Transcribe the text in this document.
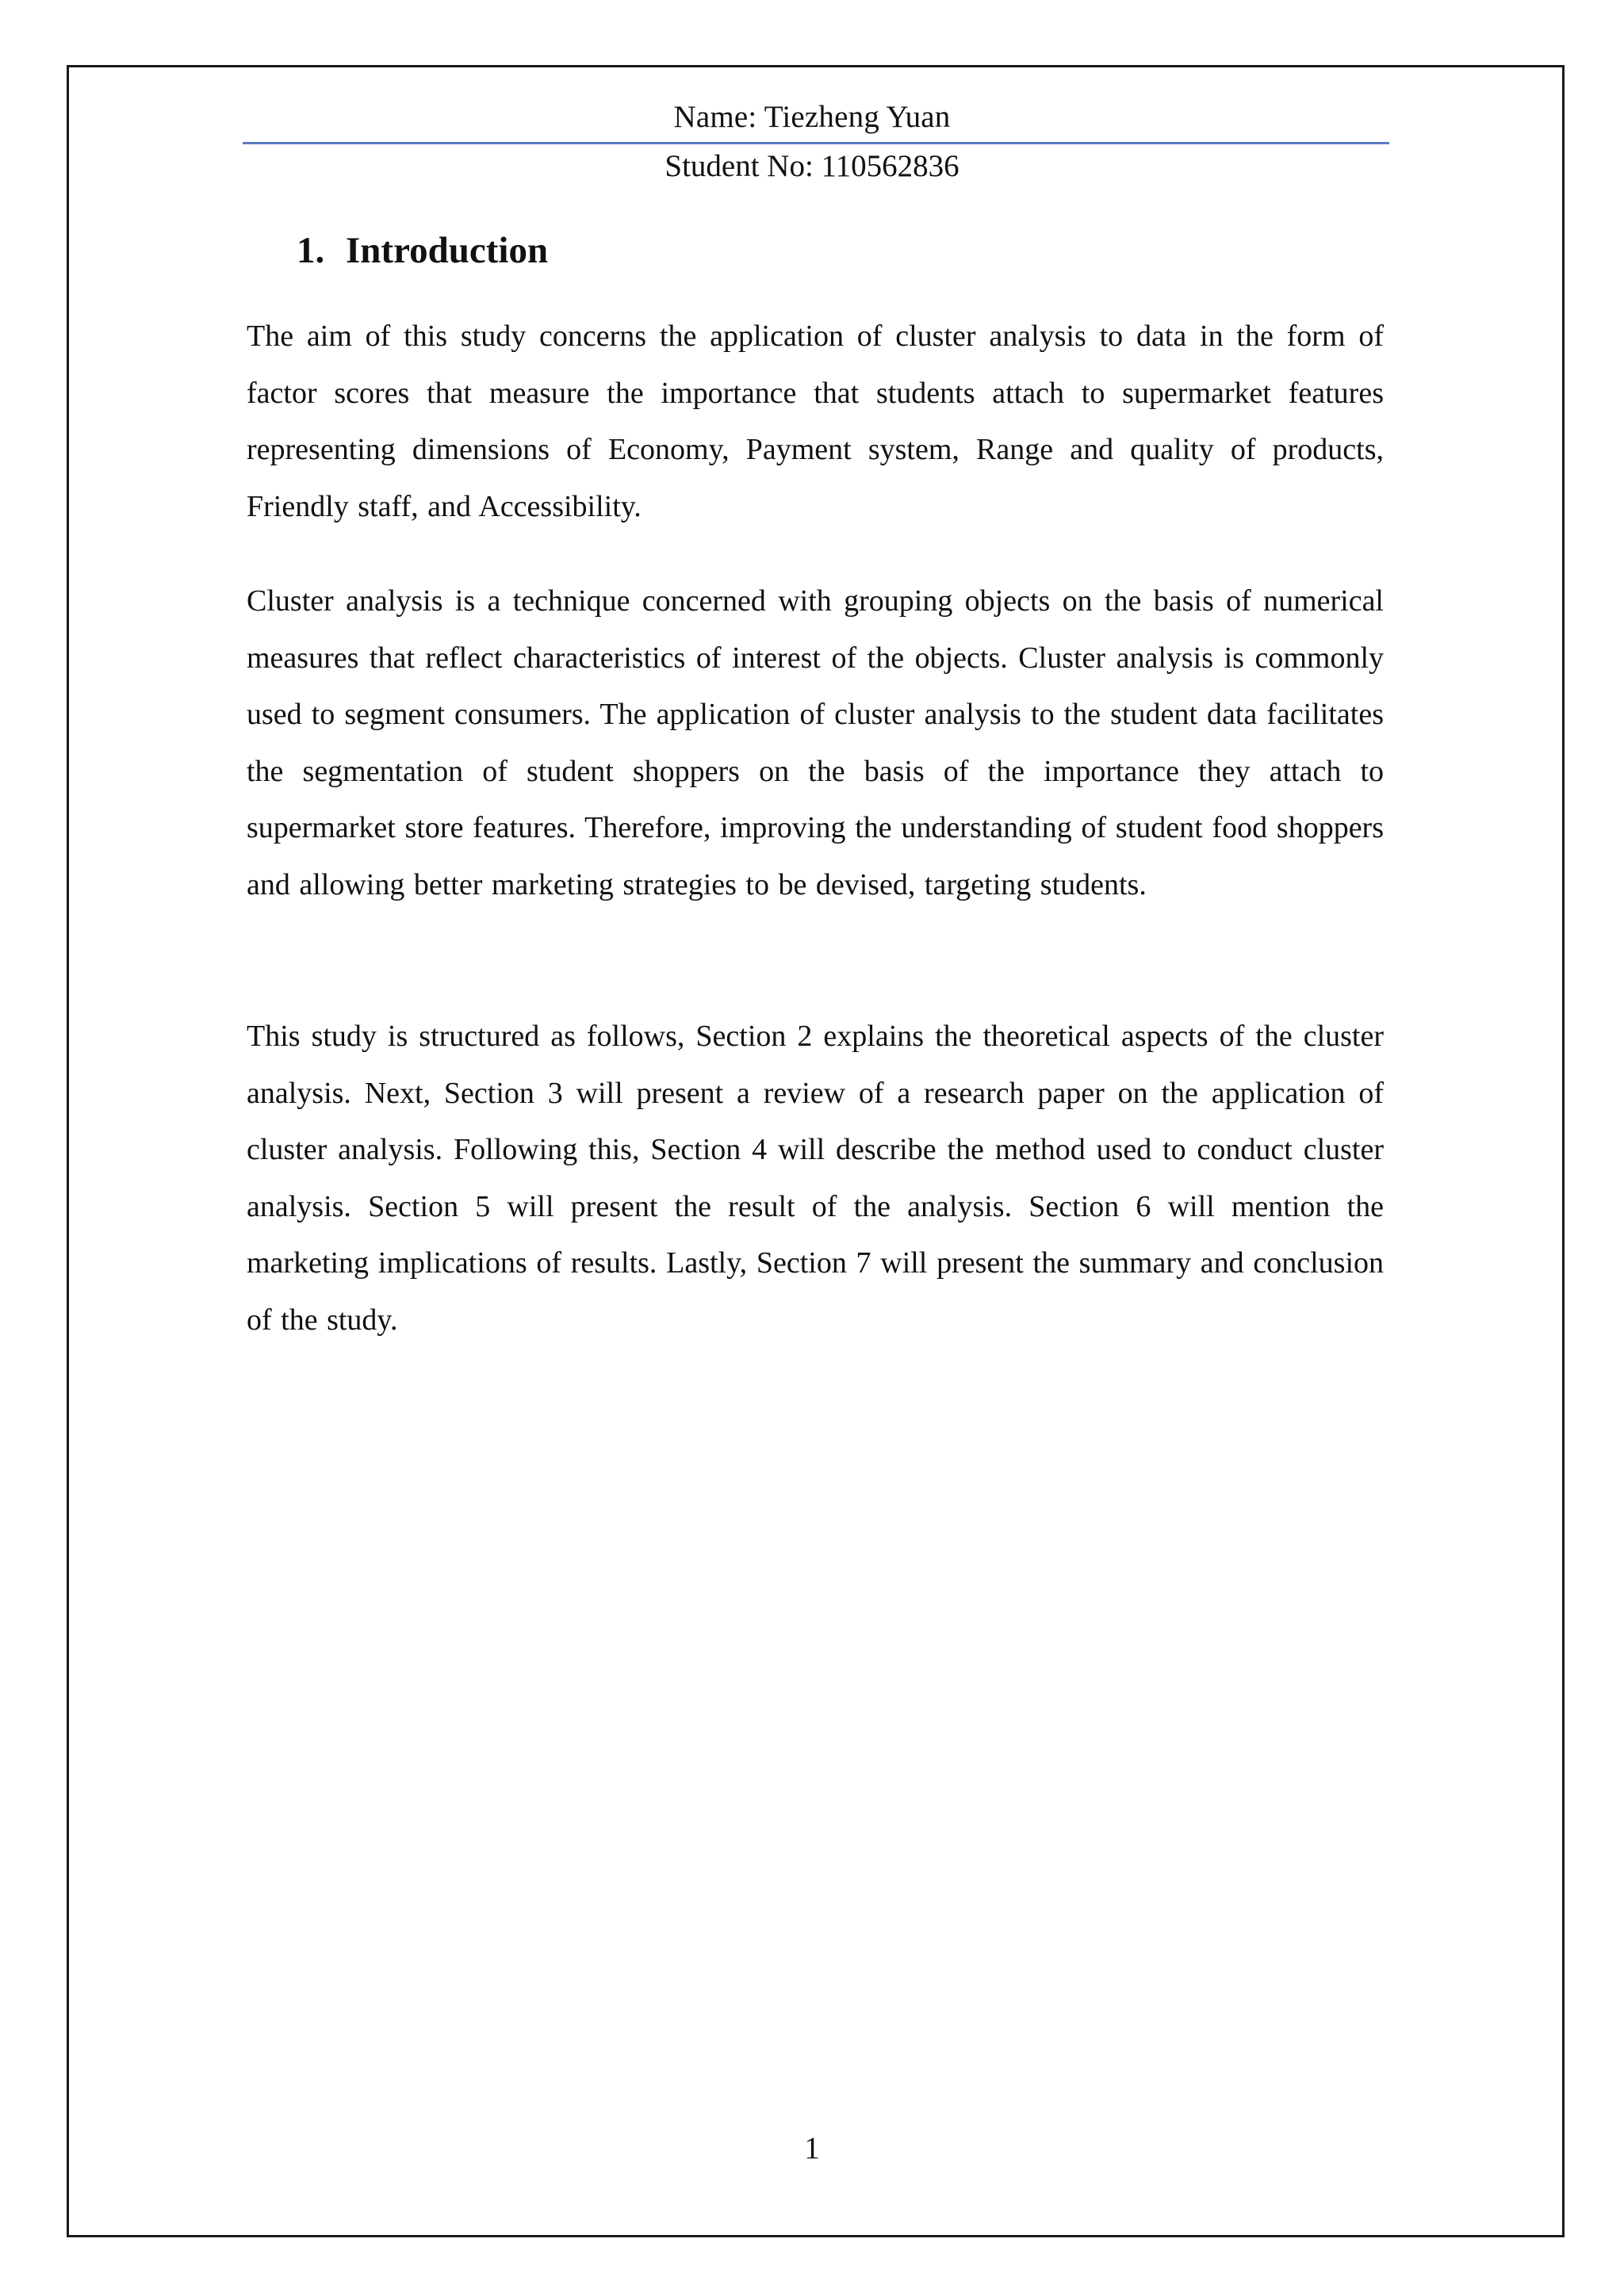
Name: Tiezheng Yuan
Student No: 110562836
1. Introduction

The aim of this study concerns the application of cluster analysis to data in the form of factor scores that measure the importance that students attach to supermarket features representing dimensions of Economy, Payment system, Range and quality of products, Friendly staff, and Accessibility.

Cluster analysis is a technique concerned with grouping objects on the basis of numerical measures that reflect characteristics of interest of the objects. Cluster analysis is commonly used to segment consumers. The application of cluster analysis to the student data facilitates the segmentation of student shoppers on the basis of the importance they attach to supermarket store features. Therefore, improving the understanding of student food shoppers and allowing better marketing strategies to be devised, targeting students.

This study is structured as follows, Section 2 explains the theoretical aspects of the cluster analysis. Next, Section 3 will present a review of a research paper on the application of cluster analysis. Following this, Section 4 will describe the method used to conduct cluster analysis. Section 5 will present the result of the analysis. Section 6 will mention the marketing implications of results. Lastly, Section 7 will present the summary and conclusion of the study.

1
